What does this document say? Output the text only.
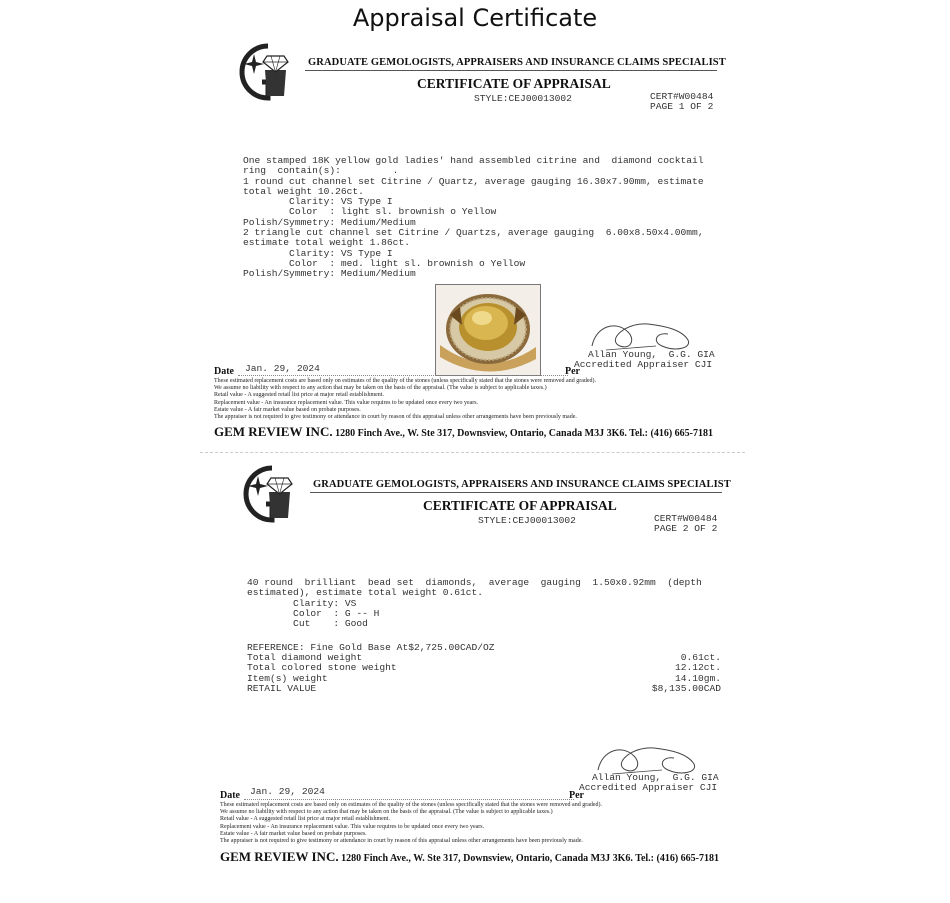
Appraisal Certificate
GRADUATE GEMOLOGISTS, APPRAISERS AND INSURANCE CLAIMS SPECIALIST
CERTIFICATE OF APPRAISAL
STYLE:CEJ00013002	CERT#W00484
PAGE 1 OF 2
One stamped 18K yellow gold ladies' hand assembled citrine and  diamond cocktail
ring  contain(s):         .
1 round cut channel set Citrine / Quartz, average gauging 16.30x7.90mm, estimate
total weight 10.26ct.
Clarity: VS Type I
Color  : light sl. brownish o Yellow
Polish/Symmetry: Medium/Medium
2 triangle cut channel set Citrine / Quartzs, average gauging  6.00x8.50x4.00mm,
estimate total weight 1.86ct.
Clarity: VS Type I
Color  : med. light sl. brownish o Yellow
Polish/Symmetry: Medium/Medium
Allan Young,  G.G. GIA
Accredited Appraiser CJI
Date Jan. 29, 2024	Per
These estimated replacement costs are based only on estimates of the quality of the stones (unless specifically stated that the stones were removed and graded).
We assume no liability with respect to any action that may be taken on the basis of the appraisal. (The value is subject to applicable taxes.)
Retail value - A suggested retail list price at major retail establishment.
Replacement value - An insurance replacement value. This value requires to be updated once every two years.
Estate value - A fair market value based on probate purposes.
The appraiser is not required to give testimony or attendance in court by reason of this appraisal unless other arrangements have been previously made.
GEM REVIEW INC. 1280 Finch Ave., W. Ste 317, Downsview, Ontario, Canada M3J 3K6. Tel.: (416) 665-7181
GRADUATE GEMOLOGISTS, APPRAISERS AND INSURANCE CLAIMS SPECIALIST
CERTIFICATE OF APPRAISAL
STYLE:CEJ00013002	CERT#W00484
PAGE 2 OF 2
40 round  brilliant  bead set  diamonds,  average  gauging  1.50x0.92mm  (depth
estimated), estimate total weight 0.61ct.
Clarity: VS
Color  : G -- H
Cut    : Good
REFERENCE: Fine Gold Base At$2,725.00CAD/OZ
Total diamond weight	0.61ct.
Total colored stone weight	12.12ct.
Item(s) weight	14.10gm.
RETAIL VALUE	$8,135.00CAD
Allan Young,  G.G. GIA
Accredited Appraiser CJI
Date Jan. 29, 2024	Per
These estimated replacement costs are based only on estimates of the quality of the stones (unless specifically stated that the stones were removed and graded).
We assume no liability with respect to any action that may be taken on the basis of the appraisal. (The value is subject to applicable taxes.)
Retail value - A suggested retail list price at major retail establishment.
Replacement value - An insurance replacement value. This value requires to be updated once every two years.
Estate value - A fair market value based on probate purposes.
The appraiser is not required to give testimony or attendance in court by reason of this appraisal unless other arrangements have been previously made.
GEM REVIEW INC. 1280 Finch Ave., W. Ste 317, Downsview, Ontario, Canada M3J 3K6. Tel.: (416) 665-7181
